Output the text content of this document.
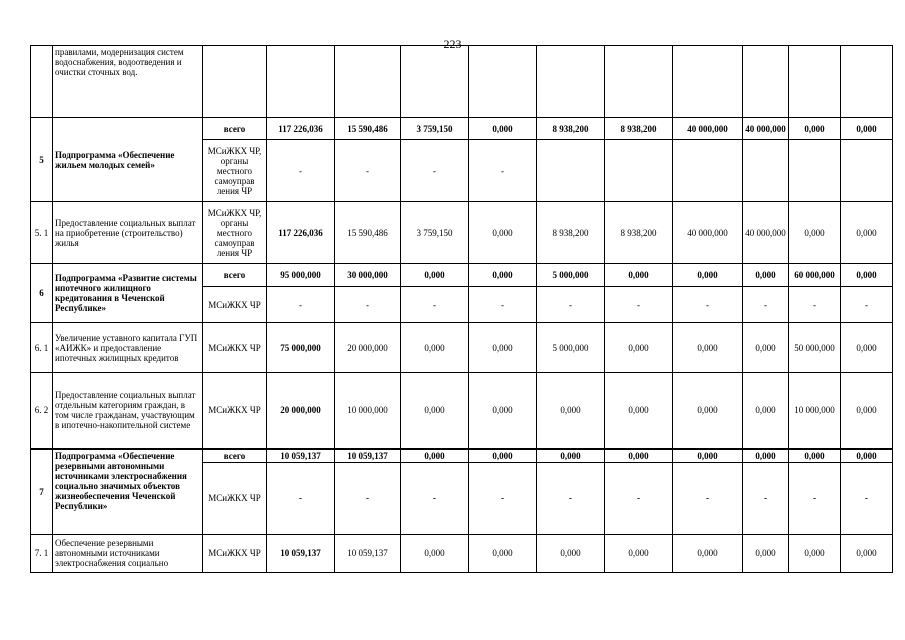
223
	правилами, модернизация систем водоснабжения, водоотведения и очистки сточных вод.											
5	Подпрограмма «Обеспечение жильем молодых семей»	всего	117 226,036	15 590,486	3 759,150	0,000	8 938,200	8 938,200	40 000,000	40 000,000	0,000	0,000
		МСиЖКХ ЧР, органы местного самоуправ ления ЧР	-	-	-	-						
5. 1	Предоставление социальных выплат на приобретение (строительство) жилья	МСиЖКХ ЧР, органы местного самоуправ ления ЧР	117 226,036	15 590,486	3 759,150	0,000	8 938,200	8 938,200	40 000,000	40 000,000	0,000	0,000
6	Подпрограмма «Развитие системы ипотечного жилищного кредитования в Чеченской Республике»	всего	95 000,000	30 000,000	0,000	0,000	5 000,000	0,000	0,000	0,000	60 000,000	0,000
		МСиЖКХ ЧР	-	-	-	-	-	-	-	-	-	-
6. 1	Увеличение уставного капитала ГУП «АИЖК» и предоставление ипотечных жилищных кредитов	МСиЖКХ ЧР	75 000,000	20 000,000	0,000	0,000	5 000,000	0,000	0,000	0,000	50 000,000	0,000
6. 2	Предоставление социальных выплат отдельным категориям граждан, в том числе гражданам, участвующим в ипотечно-накопительной системе	МСиЖКХ ЧР	20 000,000	10 000,000	0,000	0,000	0,000	0,000	0,000	0,000	10 000,000	0,000
7	Подпрограмма «Обеспечение резервными автономными источниками электроснабжения социально значимых объектов жизнеобеспечения Чеченской Республики»	всего	10 059,137	10 059,137	0,000	0,000	0,000	0,000	0,000	0,000	0,000	0,000
		МСиЖКХ ЧР	-	-	-	-	-	-	-	-	-	-
7. 1	Обеспечение резервными автономными источниками электроснабжения социально	МСиЖКХ ЧР	10 059,137	10 059,137	0,000	0,000	0,000	0,000	0,000	0,000	0,000	0,000
